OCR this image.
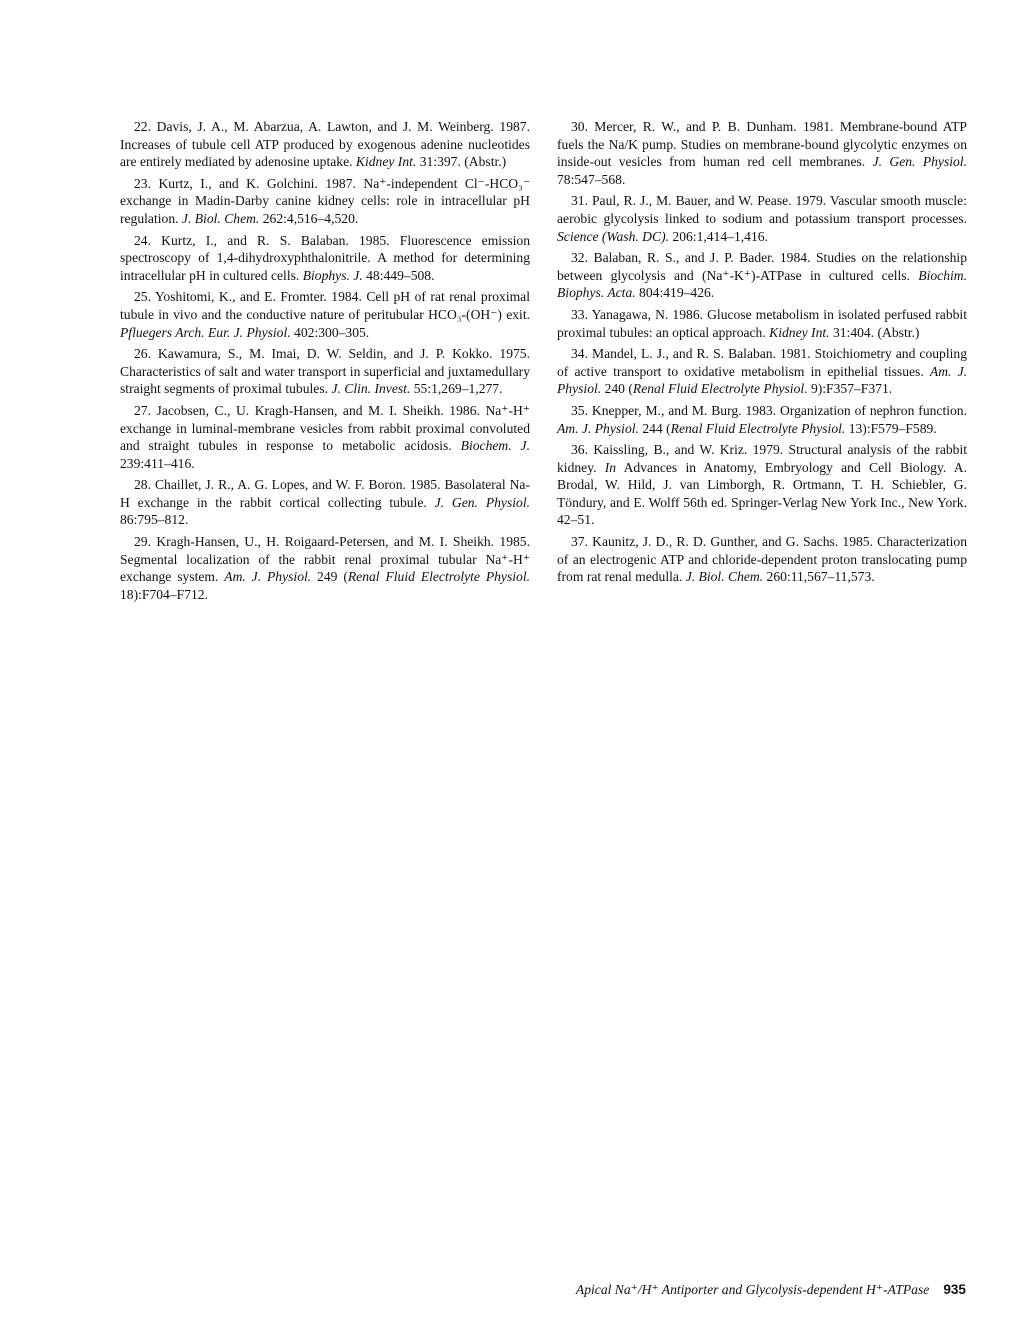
22. Davis, J. A., M. Abarzua, A. Lawton, and J. M. Weinberg. 1987. Increases of tubule cell ATP produced by exogenous adenine nucleotides are entirely mediated by adenosine uptake. Kidney Int. 31:397. (Abstr.)

23. Kurtz, I., and K. Golchini. 1987. Na⁺-independent Cl⁻-HCO₃⁻ exchange in Madin-Darby canine kidney cells: role in intracellular pH regulation. J. Biol. Chem. 262:4,516–4,520.

24. Kurtz, I., and R. S. Balaban. 1985. Fluorescence emission spectroscopy of 1,4-dihydroxyphthalonitrile. A method for determining intracellular pH in cultured cells. Biophys. J. 48:449–508.

25. Yoshitomi, K., and E. Fromter. 1984. Cell pH of rat renal proximal tubule in vivo and the conductive nature of peritubular HCO₃-(OH⁻) exit. Pfluegers Arch. Eur. J. Physiol. 402:300–305.

26. Kawamura, S., M. Imai, D. W. Seldin, and J. P. Kokko. 1975. Characteristics of salt and water transport in superficial and juxtamedullary straight segments of proximal tubules. J. Clin. Invest. 55:1,269–1,277.

27. Jacobsen, C., U. Kragh-Hansen, and M. I. Sheikh. 1986. Na⁺-H⁺ exchange in luminal-membrane vesicles from rabbit proximal convoluted and straight tubules in response to metabolic acidosis. Biochem. J. 239:411–416.

28. Chaillet, J. R., A. G. Lopes, and W. F. Boron. 1985. Basolateral Na-H exchange in the rabbit cortical collecting tubule. J. Gen. Physiol. 86:795–812.

29. Kragh-Hansen, U., H. Roigaard-Petersen, and M. I. Sheikh. 1985. Segmental localization of the rabbit renal proximal tubular Na⁺-H⁺ exchange system. Am. J. Physiol. 249 (Renal Fluid Electrolyte Physiol. 18):F704–F712.

30. Mercer, R. W., and P. B. Dunham. 1981. Membrane-bound ATP fuels the Na/K pump. Studies on membrane-bound glycolytic enzymes on inside-out vesicles from human red cell membranes. J. Gen. Physiol. 78:547–568.

31. Paul, R. J., M. Bauer, and W. Pease. 1979. Vascular smooth muscle: aerobic glycolysis linked to sodium and potassium transport processes. Science (Wash. DC). 206:1,414–1,416.

32. Balaban, R. S., and J. P. Bader. 1984. Studies on the relationship between glycolysis and (Na⁺-K⁺)-ATPase in cultured cells. Biochim. Biophys. Acta. 804:419–426.

33. Yanagawa, N. 1986. Glucose metabolism in isolated perfused rabbit proximal tubules: an optical approach. Kidney Int. 31:404. (Abstr.)

34. Mandel, L. J., and R. S. Balaban. 1981. Stoichiometry and coupling of active transport to oxidative metabolism in epithelial tissues. Am. J. Physiol. 240 (Renal Fluid Electrolyte Physiol. 9):F357–F371.

35. Knepper, M., and M. Burg. 1983. Organization of nephron function. Am. J. Physiol. 244 (Renal Fluid Electrolyte Physiol. 13):F579–F589.

36. Kaissling, B., and W. Kriz. 1979. Structural analysis of the rabbit kidney. In Advances in Anatomy, Embryology and Cell Biology. A. Brodal, W. Hild, J. van Limborgh, R. Ortmann, T. H. Schiebler, G. Töndury, and E. Wolff 56th ed. Springer-Verlag New York Inc., New York. 42–51.

37. Kaunitz, J. D., R. D. Gunther, and G. Sachs. 1985. Characterization of an electrogenic ATP and chloride-dependent proton translocating pump from rat renal medulla. J. Biol. Chem. 260:11,567–11,573.

Apical Na⁺/H⁺ Antiporter and Glycolysis-dependent H⁺-ATPase 935
